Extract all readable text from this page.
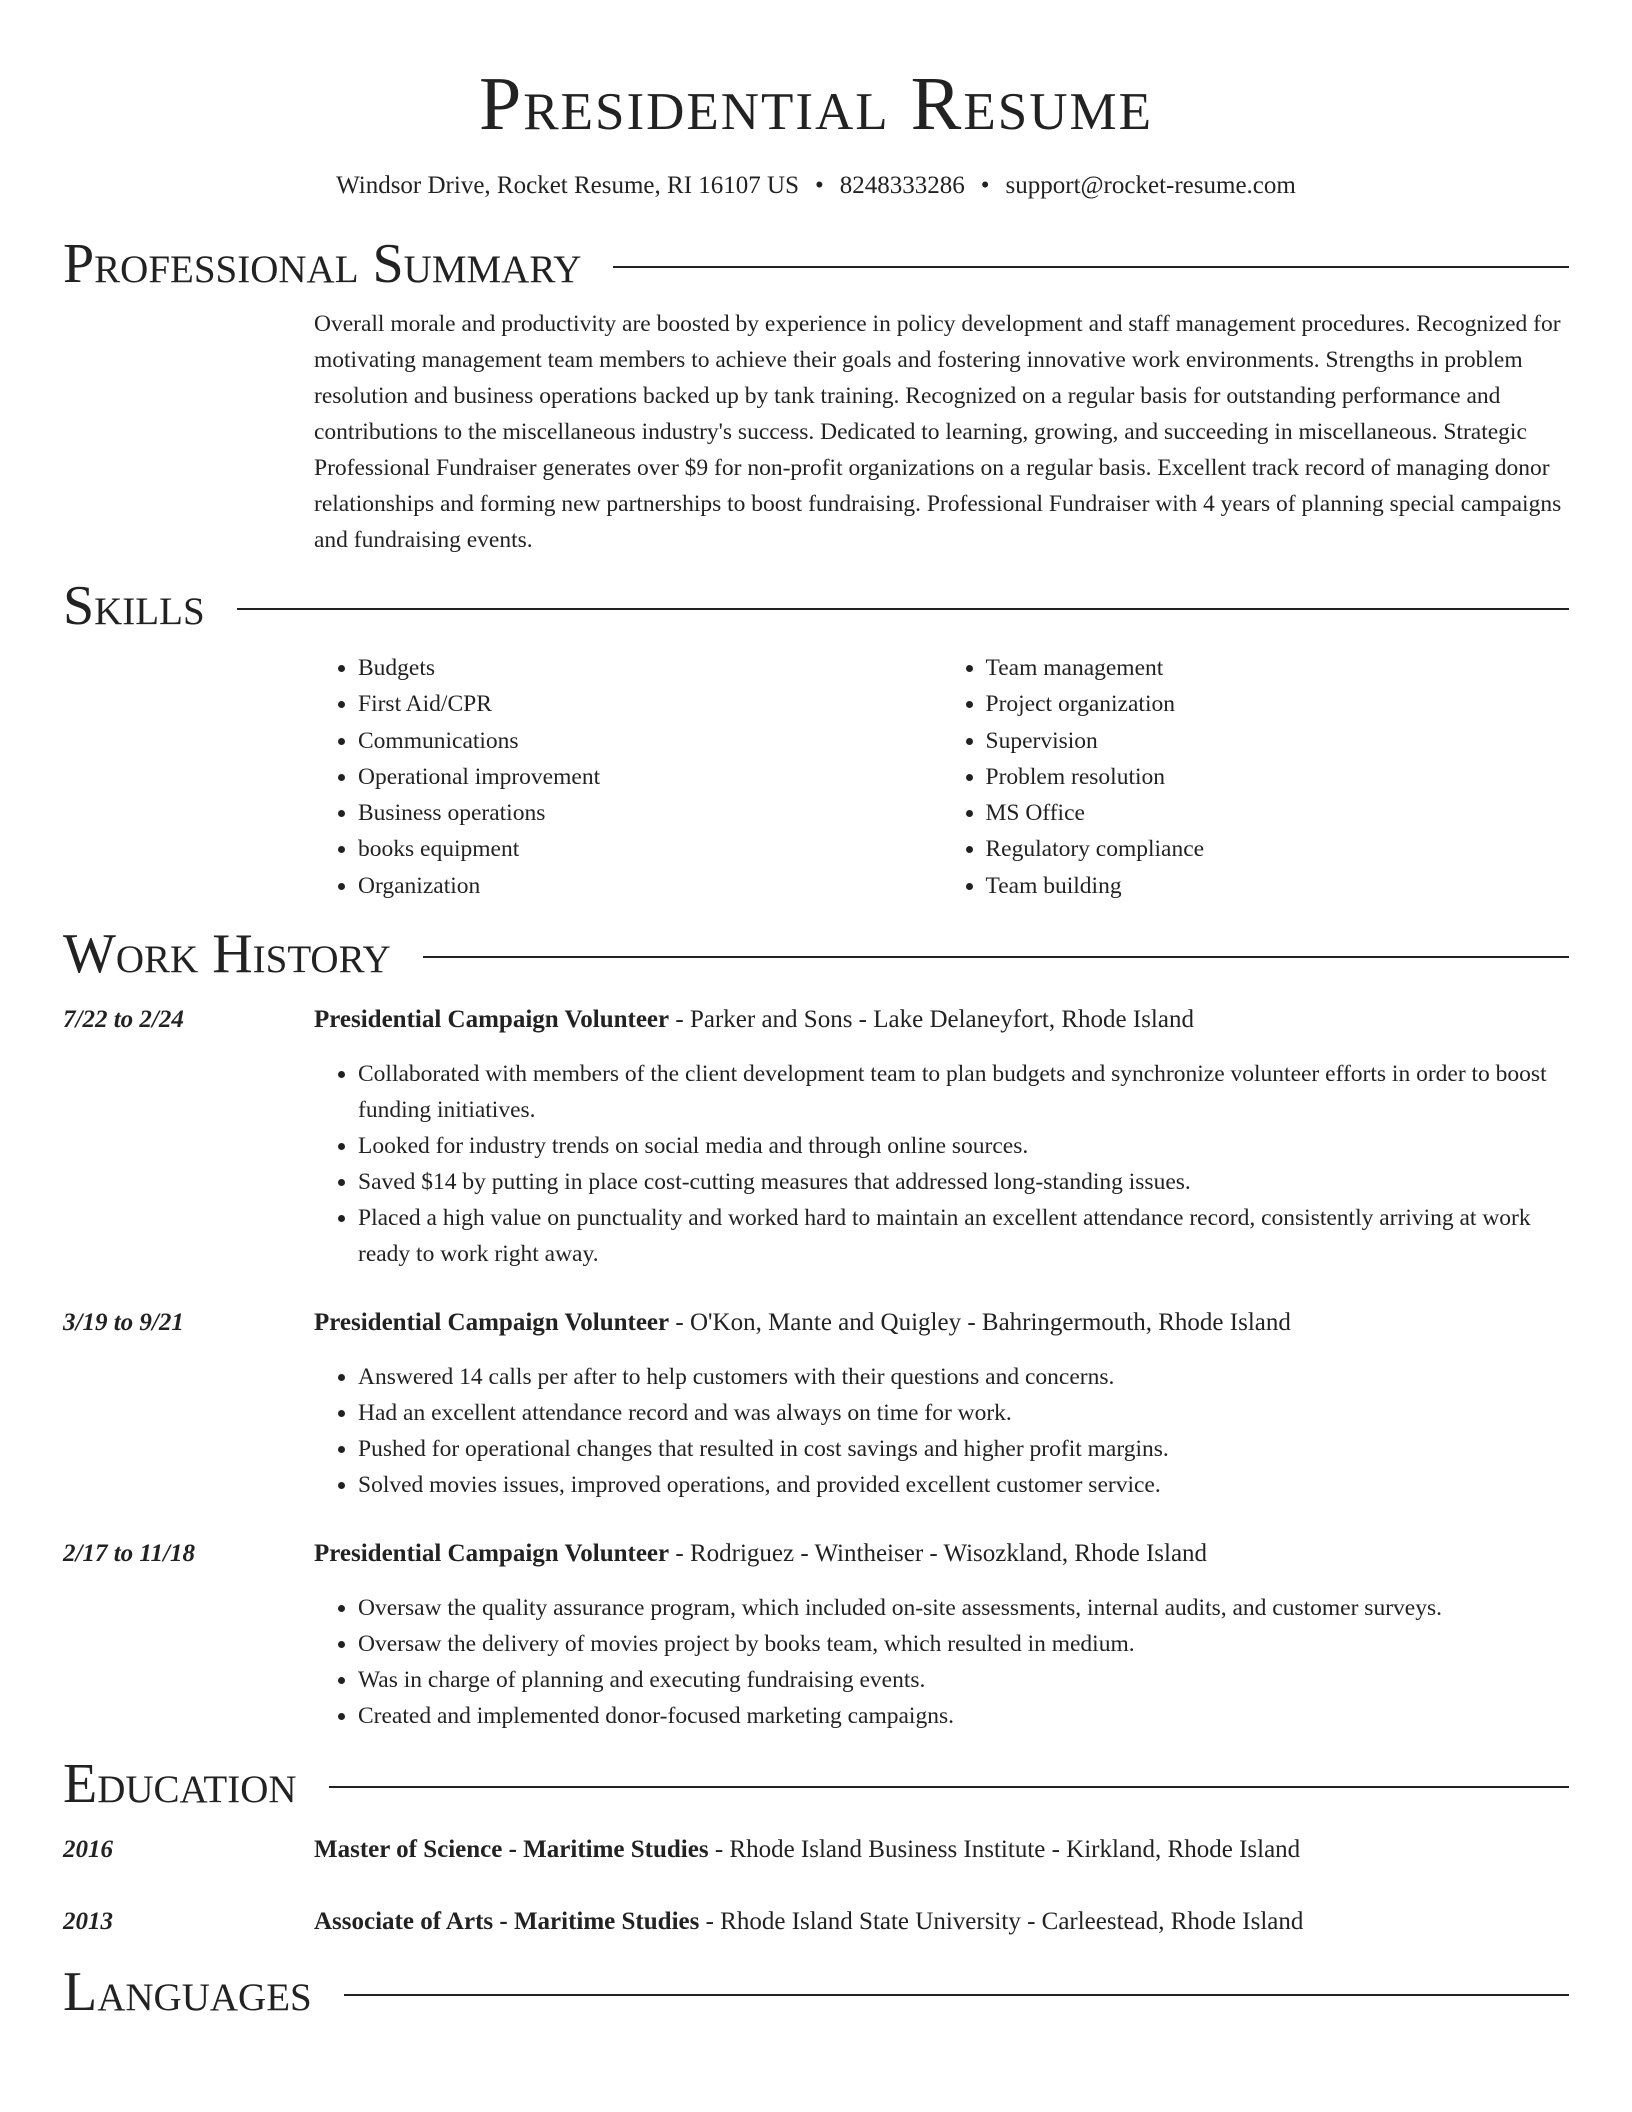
Presidential Resume
Windsor Drive, Rocket Resume, RI 16107 US • 8248333286 • support@rocket-resume.com
Professional Summary

Overall morale and productivity are boosted by experience in policy development and staff management procedures. Recognized for motivating management team members to achieve their goals and fostering innovative work environments. Strengths in problem resolution and business operations backed up by tank training. Recognized on a regular basis for outstanding performance and contributions to the miscellaneous industry's success. Dedicated to learning, growing, and succeeding in miscellaneous. Strategic Professional Fundraiser generates over $9 for non-profit organizations on a regular basis. Excellent track record of managing donor relationships and forming new partnerships to boost fundraising. Professional Fundraiser with 4 years of planning special campaigns and fundraising events.

Skills
• Budgets
• First Aid/CPR
• Communications
• Operational improvement
• Business operations
• books equipment
• Organization
• Team management
• Project organization
• Supervision
• Problem resolution
• MS Office
• Regulatory compliance
• Team building
Work History
7/22 to 2/24	Presidential Campaign Volunteer - Parker and Sons - Lake Delaneyfort, Rhode Island
• Collaborated with members of the client development team to plan budgets and synchronize volunteer efforts in order to boost funding initiatives.
• Looked for industry trends on social media and through online sources.
• Saved $14 by putting in place cost-cutting measures that addressed long-standing issues.
• Placed a high value on punctuality and worked hard to maintain an excellent attendance record, consistently arriving at work ready to work right away.
3/19 to 9/21	Presidential Campaign Volunteer - O'Kon, Mante and Quigley - Bahringermouth, Rhode Island
• Answered 14 calls per after to help customers with their questions and concerns.
• Had an excellent attendance record and was always on time for work.
• Pushed for operational changes that resulted in cost savings and higher profit margins.
• Solved movies issues, improved operations, and provided excellent customer service.
2/17 to 11/18	Presidential Campaign Volunteer - Rodriguez - Wintheiser - Wisozkland, Rhode Island
• Oversaw the quality assurance program, which included on-site assessments, internal audits, and customer surveys.
• Oversaw the delivery of movies project by books team, which resulted in medium.
• Was in charge of planning and executing fundraising events.
• Created and implemented donor-focused marketing campaigns.
Education
2016	Master of Science - Maritime Studies - Rhode Island Business Institute - Kirkland, Rhode Island
2013	Associate of Arts - Maritime Studies - Rhode Island State University - Carleestead, Rhode Island
Languages
